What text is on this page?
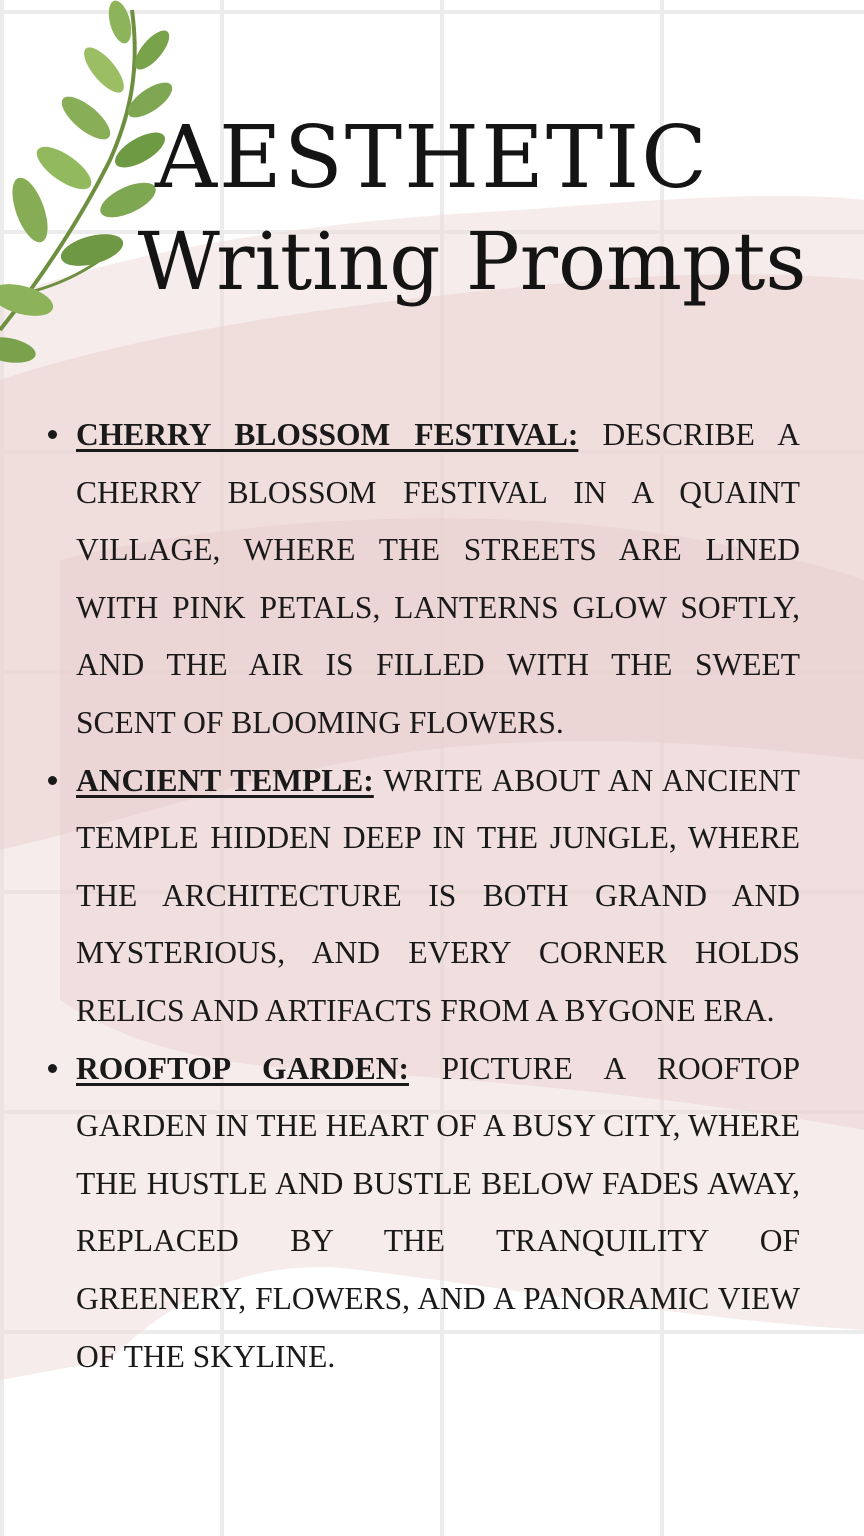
AESTHETIC
Writing Prompts
CHERRY BLOSSOM FESTIVAL: DESCRIBE A CHERRY BLOSSOM FESTIVAL IN A QUAINT VILLAGE, WHERE THE STREETS ARE LINED WITH PINK PETALS, LANTERNS GLOW SOFTLY, AND THE AIR IS FILLED WITH THE SWEET SCENT OF BLOOMING FLOWERS.
ANCIENT TEMPLE: WRITE ABOUT AN ANCIENT TEMPLE HIDDEN DEEP IN THE JUNGLE, WHERE THE ARCHITECTURE IS BOTH GRAND AND MYSTERIOUS, AND EVERY CORNER HOLDS RELICS AND ARTIFACTS FROM A BYGONE ERA.
ROOFTOP GARDEN: PICTURE A ROOFTOP GARDEN IN THE HEART OF A BUSY CITY, WHERE THE HUSTLE AND BUSTLE BELOW FADES AWAY, REPLACED BY THE TRANQUILITY OF GREENERY, FLOWERS, AND A PANORAMIC VIEW OF THE SKYLINE.
